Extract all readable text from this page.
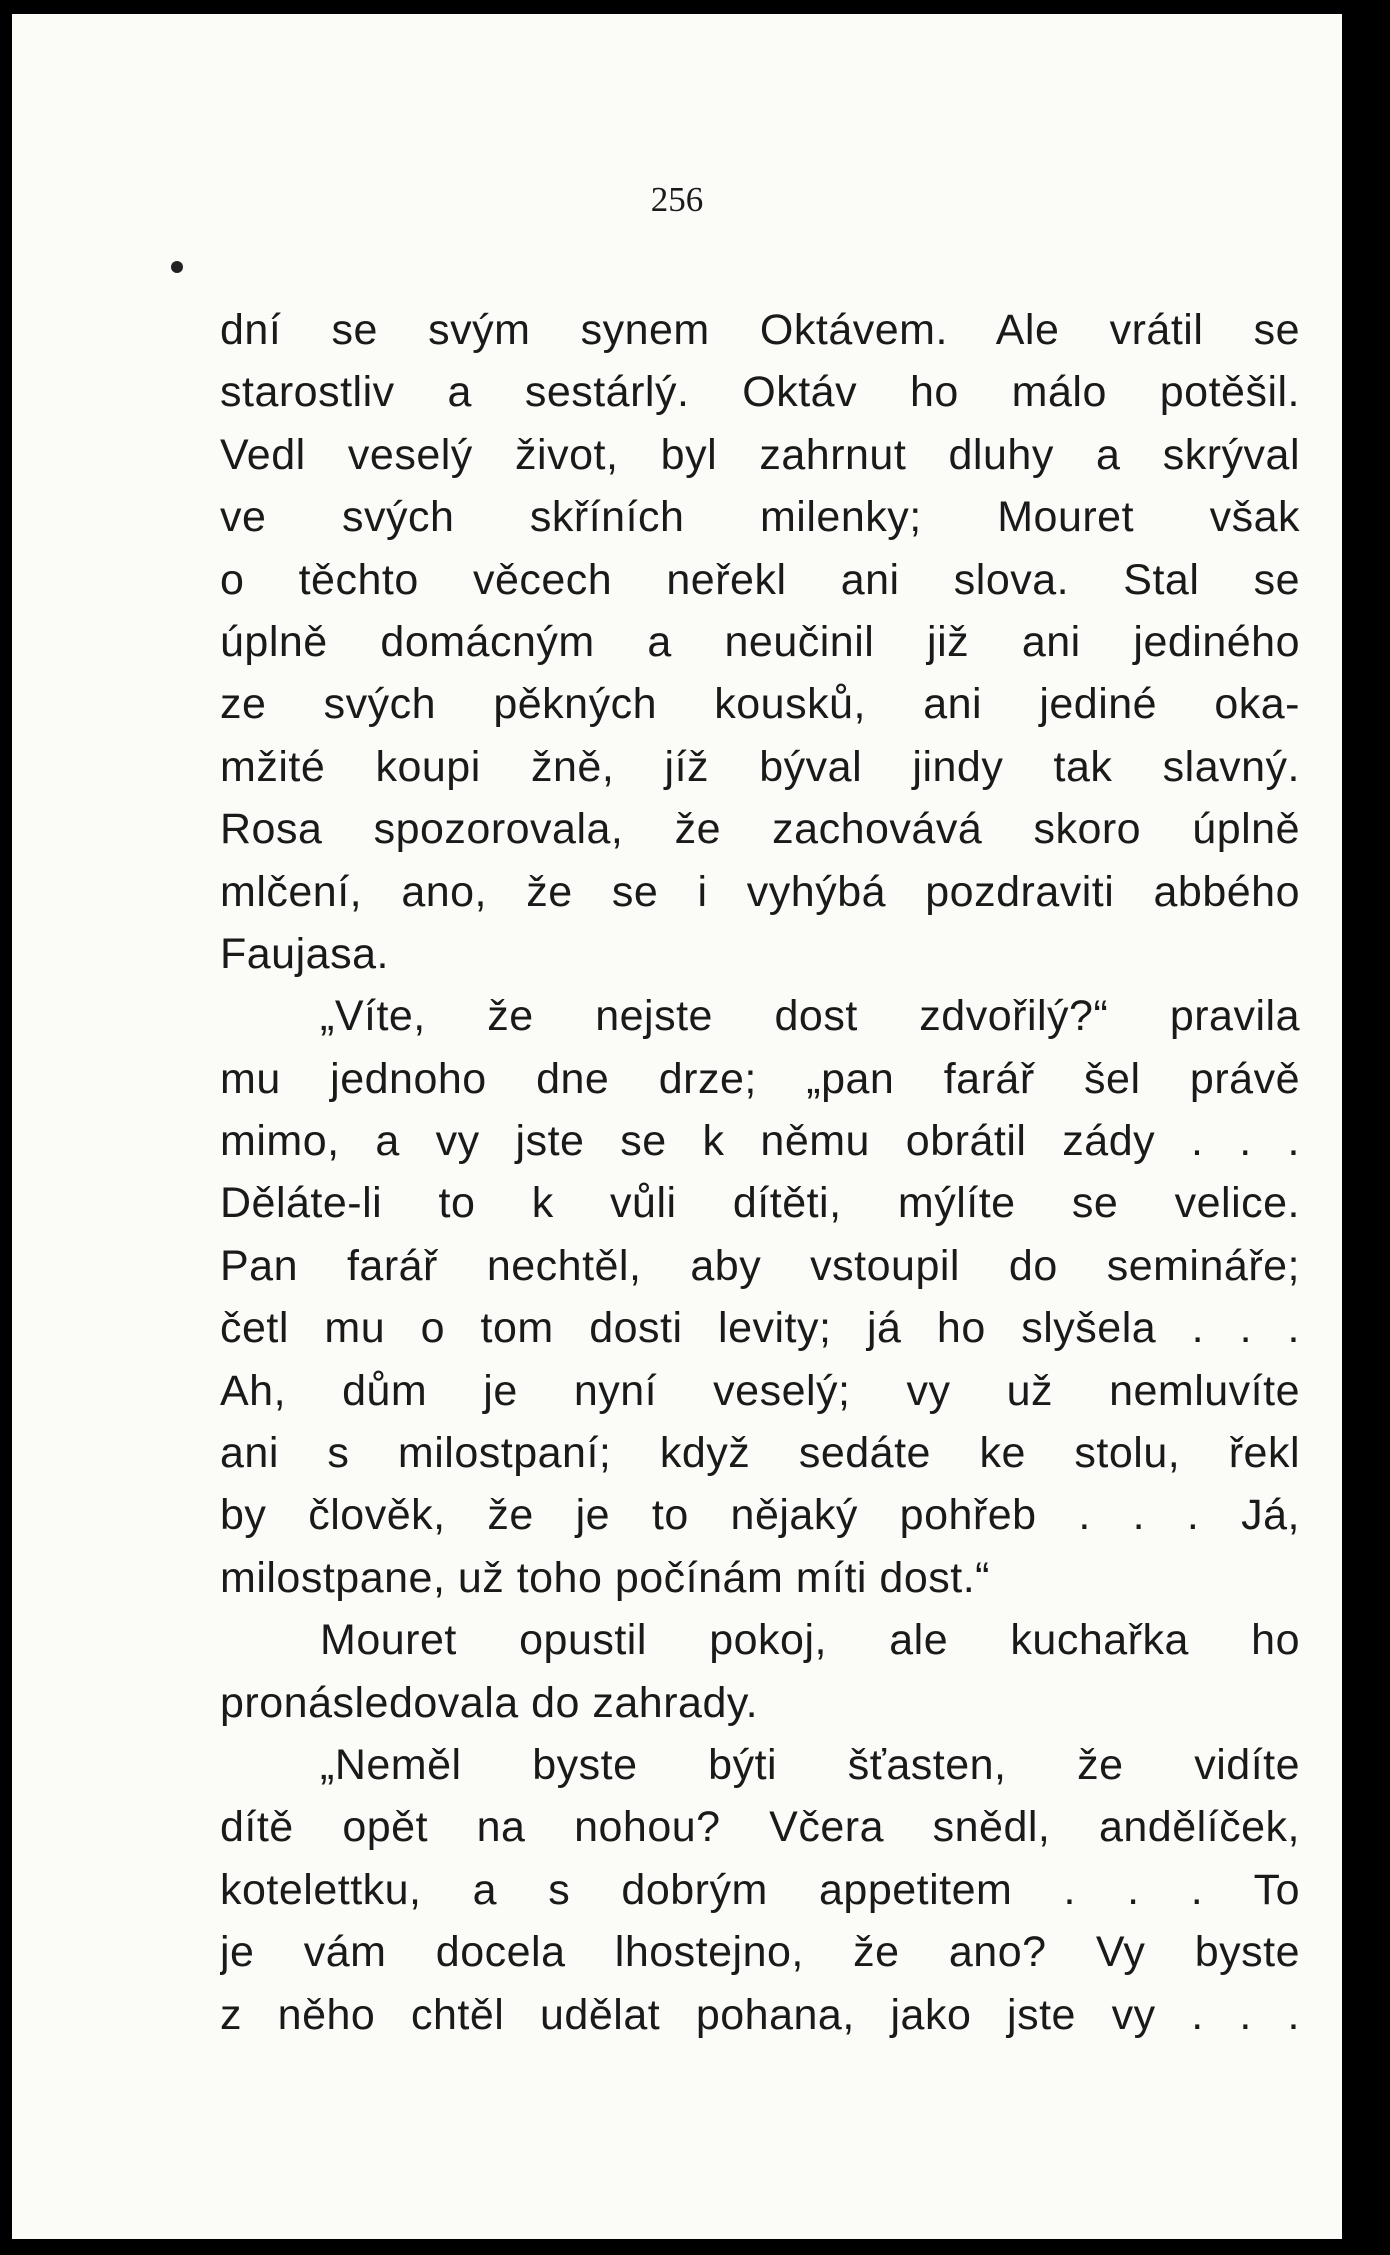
256
dní se svým synem Oktávem. Ale vrátil se
starostliv a sestárlý. Oktáv ho málo potěšil.
Vedl veselý život, byl zahrnut dluhy a skrýval
ve svých skříních milenky; Mouret však
o těchto věcech neřekl ani slova. Stal se
úplně domácným a neučinil již ani jediného
ze svých pěkných kousků, ani jediné oka-
mžité koupi žně, jíž býval jindy tak slavný.
Rosa spozorovala, že zachovává skoro úplně
mlčení, ano, že se i vyhýbá pozdraviti abbého
Faujasa.
„Víte, že nejste dost zdvořilý?“ pravila
mu jednoho dne drze; „pan farář šel právě
mimo, a vy jste se k němu obrátil zády . . .
Děláte-li to k vůli dítěti, mýlíte se velice.
Pan farář nechtěl, aby vstoupil do semináře;
četl mu o tom dosti levity; já ho slyšela . . .
Ah, dům je nyní veselý; vy už nemluvíte
ani s milostpaní; když sedáte ke stolu, řekl
by člověk, že je to nějaký pohřeb . . . Já,
milostpane, už toho počínám míti dost.“
Mouret opustil pokoj, ale kuchařka ho
pronásledovala do zahrady.
„Neměl byste býti šťasten, že vidíte
dítě opět na nohou? Včera snědl, andělíček,
kotelettku, a s dobrým appetitem . . . To
je vám docela lhostejno, že ano? Vy byste
z něho chtěl udělat pohana, jako jste vy . . .
